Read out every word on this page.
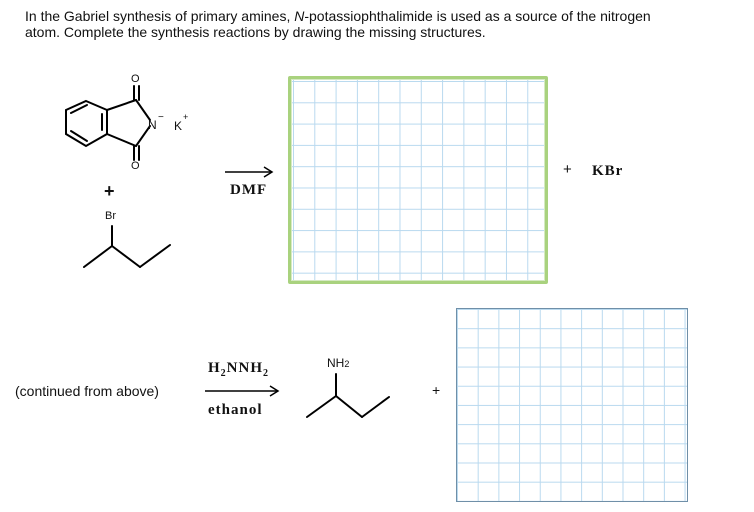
In the Gabriel synthesis of primary amines, N-potassiophthalimide is used as a source of the nitrogen
atom. Complete the synthesis reactions by drawing the missing structures.
O
O
N
−
K
+
+
Br
DMF
+ KBr
(continued from above)
$H_2NNH_2$
ethanol
NH2
+
